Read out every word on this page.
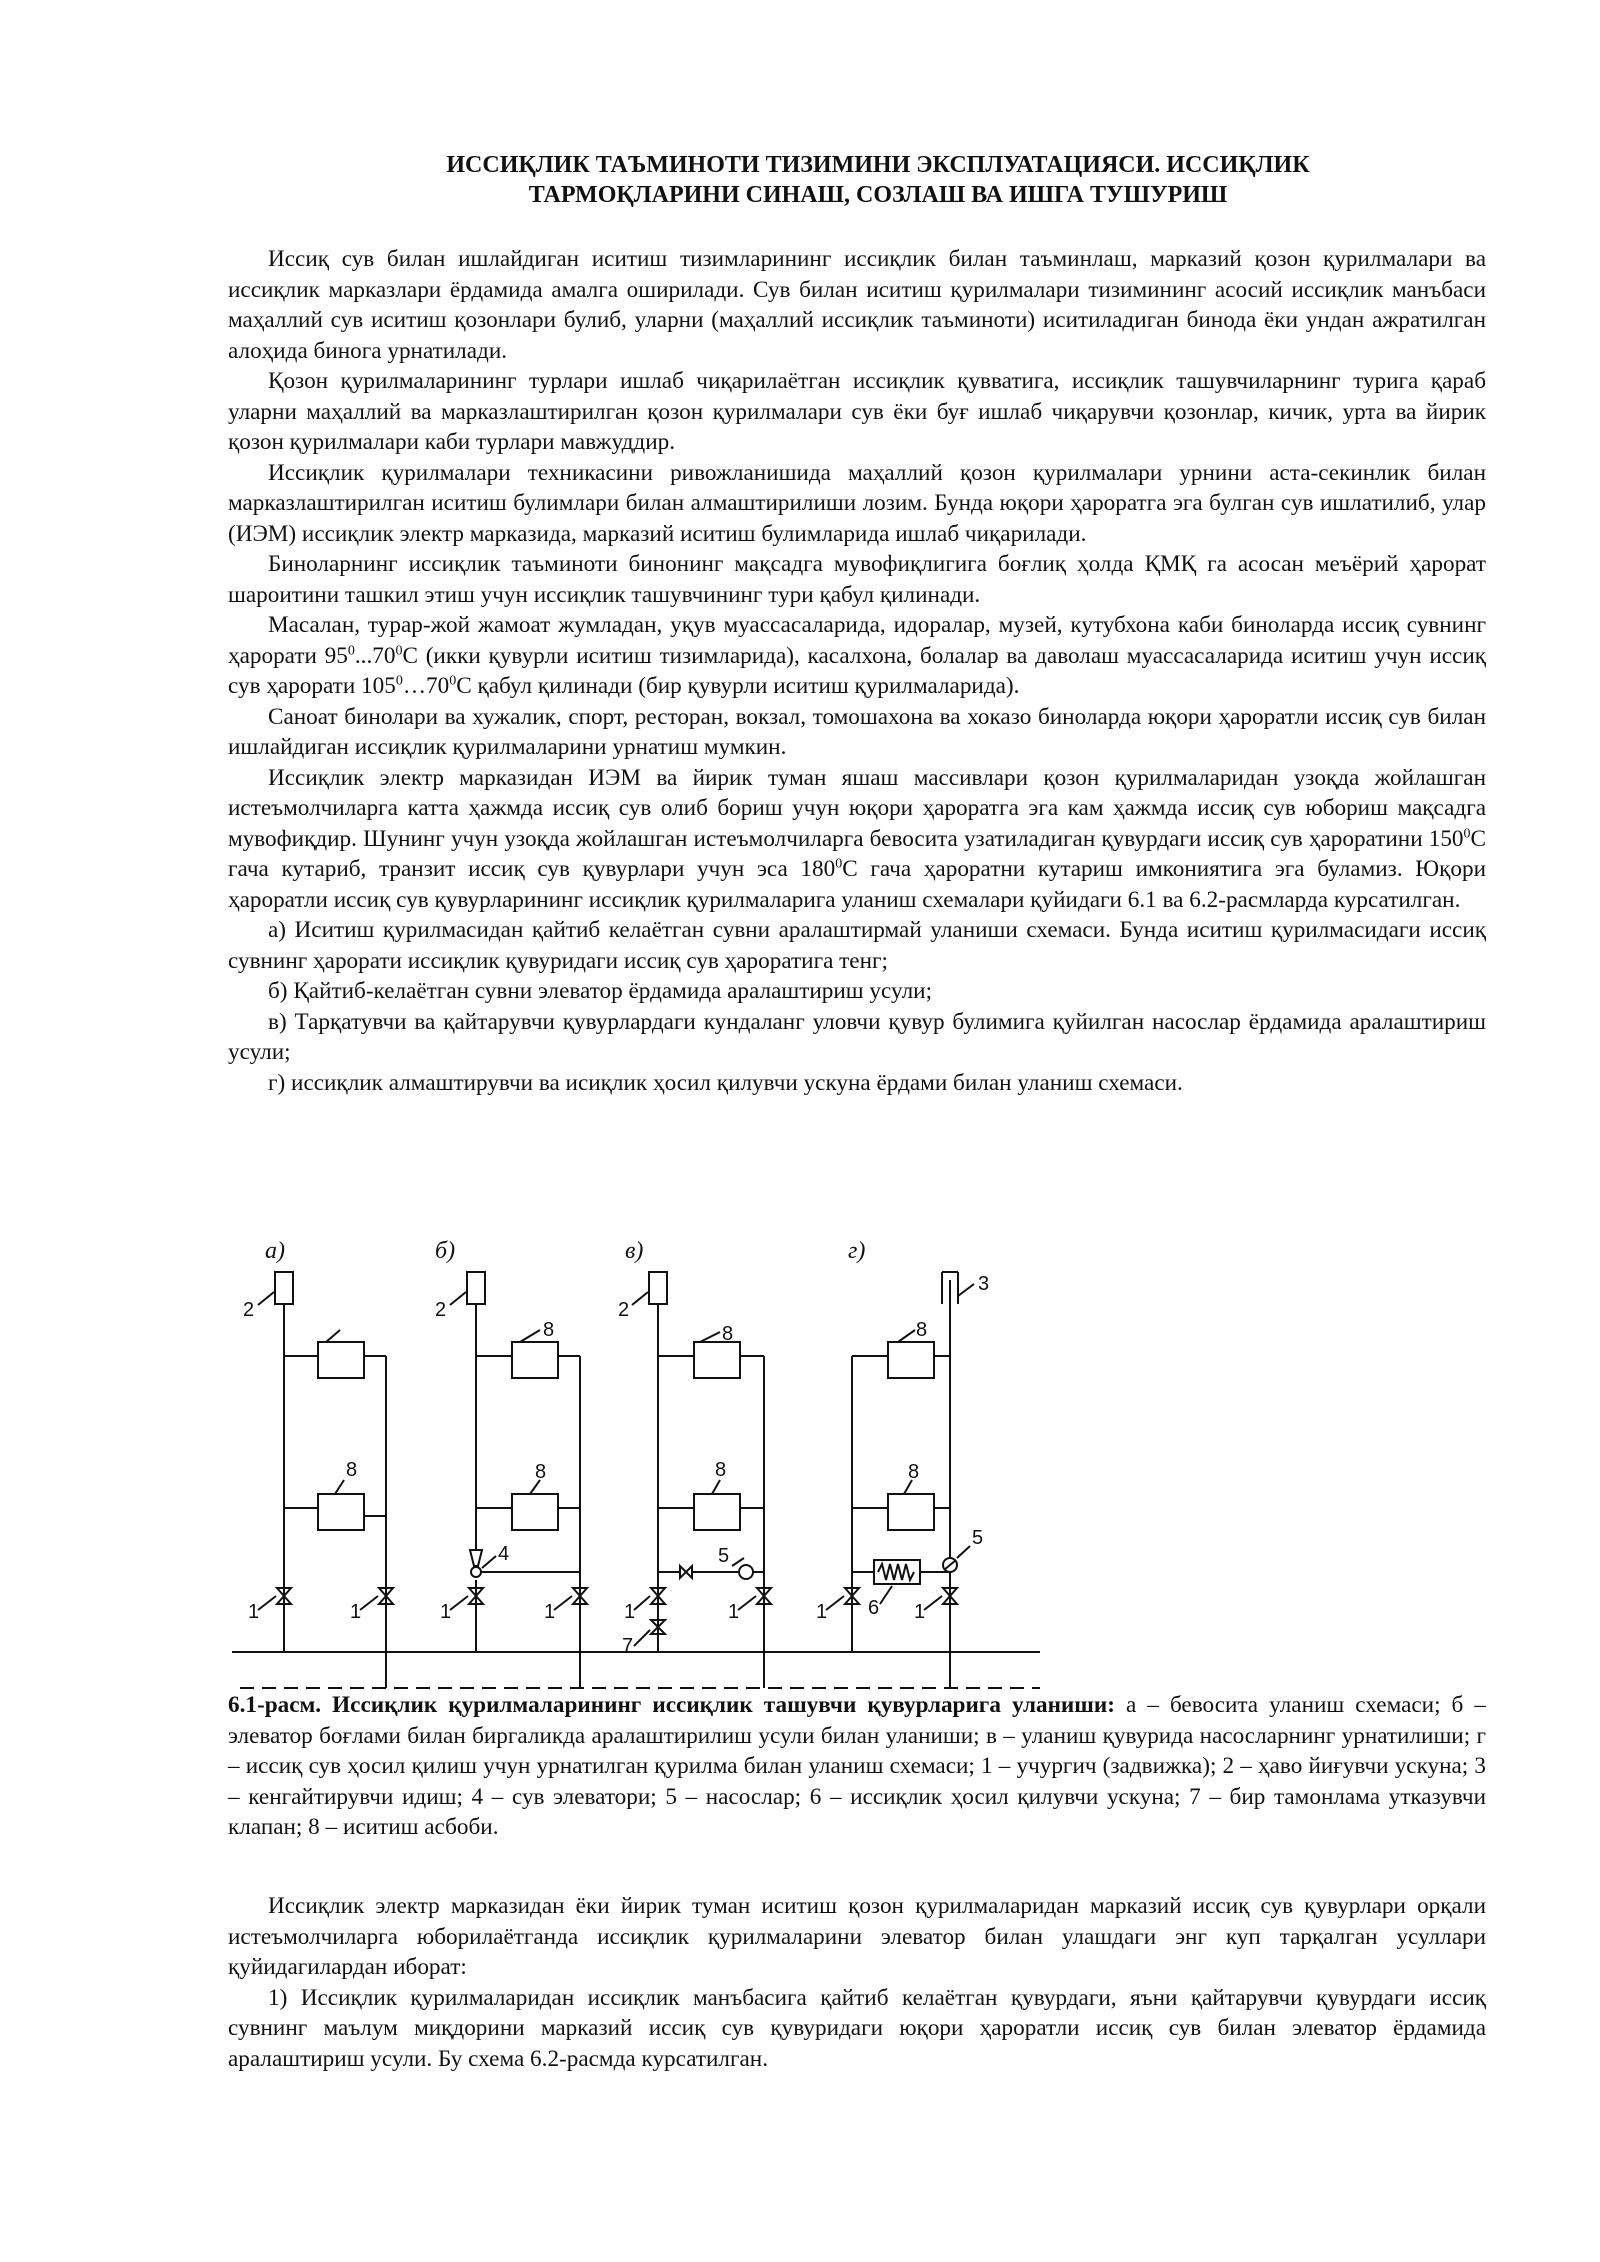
ИССИҚЛИК ТАЪМИНОТИ ТИЗИМИНИ ЭКСПЛУАТАЦИЯСИ. ИССИҚЛИК
ТАРМОҚЛАРИНИ СИНАШ, СОЗЛАШ ВА ИШГА ТУШУРИШ

Иссиқ сув билан ишлайдиган иситиш тизимларининг иссиқлик билан таъминлаш, марказий қозон қурилмалари ва иссиқлик марказлари ёрдамида амалга оширилади. Сув билан иситиш қурилмалари тизимининг асосий иссиқлик манъбаси маҳаллий сув иситиш қозонлари булиб, уларни (маҳаллий иссиқлик таъминоти) иситиладиган бинода ёки ундан ажратилган алоҳида бинога урнатилади.

Қозон қурилмаларининг турлари ишлаб чиқарилаётган иссиқлик қувватига, иссиқлик ташувчиларнинг турига қараб уларни маҳаллий ва марказлаштирилган қозон қурилмалари сув ёки буғ ишлаб чиқарувчи қозонлар, кичик, урта ва йирик қозон қурилмалари каби турлари мавжуддир.

Иссиқлик қурилмалари техникасини ривожланишида маҳаллий қозон қурилмалари урнини аста-секинлик билан марказлаштирилган иситиш булимлари билан алмаштирилиши лозим. Бунда юқори ҳароратга эга булган сув ишлатилиб, улар (ИЭМ) иссиқлик электр марказида, марказий иситиш булимларида ишлаб чиқарилади.

Биноларнинг иссиқлик таъминоти бинонинг мақсадга мувофиқлигига боғлиқ ҳолда ҚМҚ га асосан меъёрий ҳарорат шароитини ташкил этиш учун иссиқлик ташувчининг тури қабул қилинади.

Масалан, турар-жой жамоат жумладан, уқув муассасаларида, идоралар, музей, кутубхона каби биноларда иссиқ сувнинг ҳарорати $95^0...70^0С$ (икки қувурли иситиш тизимларида), касалхона, болалар ва даволаш муассасаларида иситиш учун иссиқ сув ҳарорати $105^0\dots 70^0С$ қабул қилинади (бир қувурли иситиш қурилмаларида).

Саноат бинолари ва хужалик, спорт, ресторан, вокзал, томошахона ва хоказо биноларда юқори ҳароратли иссиқ сув билан ишлайдиган иссиқлик қурилмаларини урнатиш мумкин.

Иссиқлик электр марказидан ИЭМ ва йирик туман яшаш массивлари қозон қурилмаларидан узоқда жойлашган истеъмолчиларга катта ҳажмда иссиқ сув олиб бориш учун юқори ҳароратга эга кам ҳажмда иссиқ сув юбориш мақсадга мувофиқдир. Шунинг учун узоқда жойлашган истеъмолчиларга бевосита узатиладиган қувурдаги иссиқ сув ҳароратини $150^0С$ гача кутариб, транзит иссиқ сув қувурлари учун эса $180^0С$ гача ҳароратни кутариш имкониятига эга буламиз. Юқори ҳароратли иссиқ сув қувурларининг иссиқлик қурилмаларига уланиш схемалари қуйидаги 6.1 ва 6.2-расмларда курсатилган.

а) Иситиш қурилмасидан қайтиб келаётган сувни аралаштирмай уланиши схемаси. Бунда иситиш қурилмасидаги иссиқ сувнинг ҳарорати иссиқлик қувуридаги иссиқ сув ҳароратига тенг;

б) Қайтиб-келаётган сувни элеватор ёрдамида аралаштириш усули;

в) Тарқатувчи ва қайтарувчи қувурлардаги кундаланг уловчи қувур булимига қуйилган насослар ёрдамида аралаштириш усули;

г) иссиқлик алмаштирувчи ва исиқлик ҳосил қилувчи ускуна ёрдами билан уланиш схемаси.

а)	б)	в)	г)
2	2	2
3
8
8
8
8
8
8
8
4	5
5
6
7
1	1	1	1	1	1	1	1

6.1-расм. Иссиқлик қурилмаларининг иссиқлик ташувчи қувурларига уланиши: а – бевосита уланиш схемаси; б – элеватор боғлами билан биргаликда аралаштирилиш усули билан уланиши; в – уланиш қувурида насосларнинг урнатилиши; г – иссиқ сув ҳосил қилиш учун урнатилган қурилма билан уланиш схемаси; 1 – учургич (задвижка); 2 – ҳаво йиғувчи ускуна; 3 – кенгайтирувчи идиш; 4 – сув элеватори; 5 – насослар; 6 – иссиқлик ҳосил қилувчи ускуна; 7 – бир тамонлама утказувчи клапан; 8 – иситиш асбоби.

Иссиқлик электр марказидан ёки йирик туман иситиш қозон қурилмаларидан марказий иссиқ сув қувурлари орқали истеъмолчиларга юборилаётганда иссиқлик қурилмаларини элеватор билан улашдаги энг куп тарқалган усуллари қуйидагилардан иборат:

1) Иссиқлик қурилмаларидан иссиқлик манъбасига қайтиб келаётган қувурдаги, яъни қайтарувчи қувурдаги иссиқ сувнинг маълум миқдорини марказий иссиқ сув қувуридаги юқори ҳароратли иссиқ сув билан элеватор ёрдамида аралаштириш усули. Бу схема 6.2-расмда курсатилган.
